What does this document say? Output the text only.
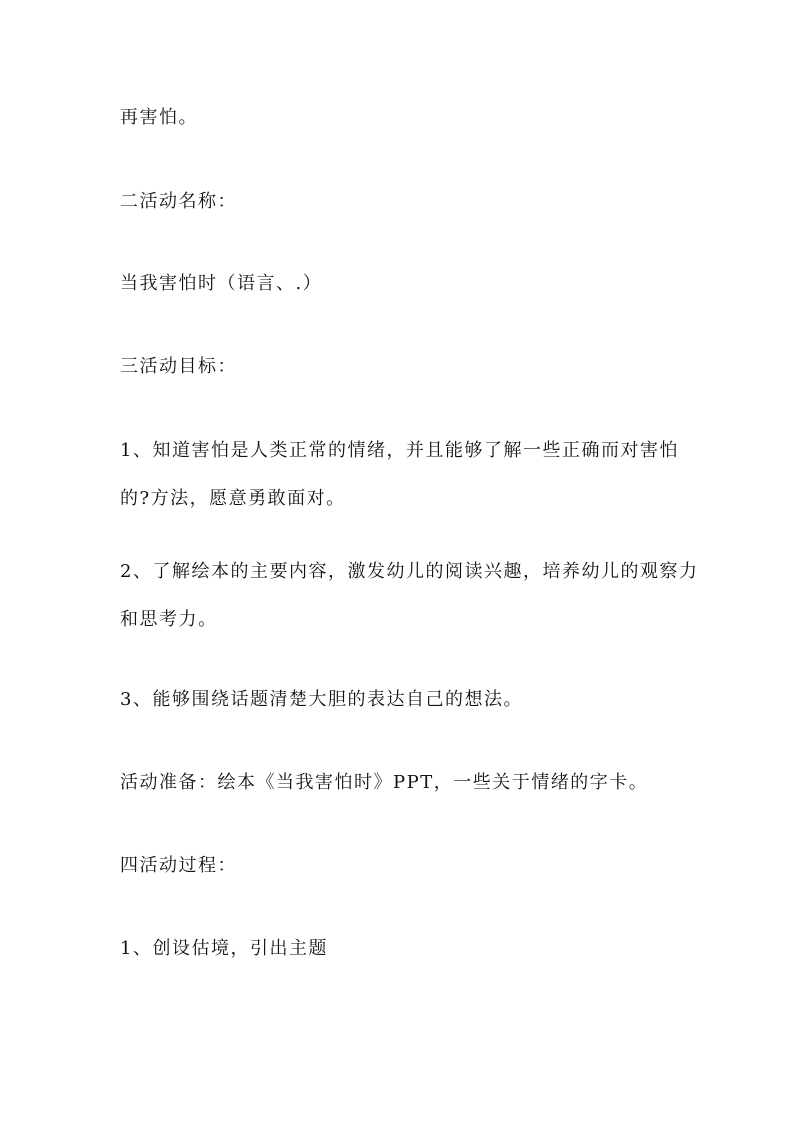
再害怕。
二活动名称：
当我害怕时（语言、.）
三活动目标：
1、知道害怕是人类正常的情绪，并且能够了解一些正确而对害怕的?方法，愿意勇敢面对。
2、了解绘本的主要内容，激发幼儿的阅读兴趣，培养幼儿的观察力和思考力。
3、能够围绕话题清楚大胆的表达自己的想法。
活动准备：绘本《当我害怕时》PPT，一些关于情绪的字卡。
四活动过程：
1、创设估境，引出主题
